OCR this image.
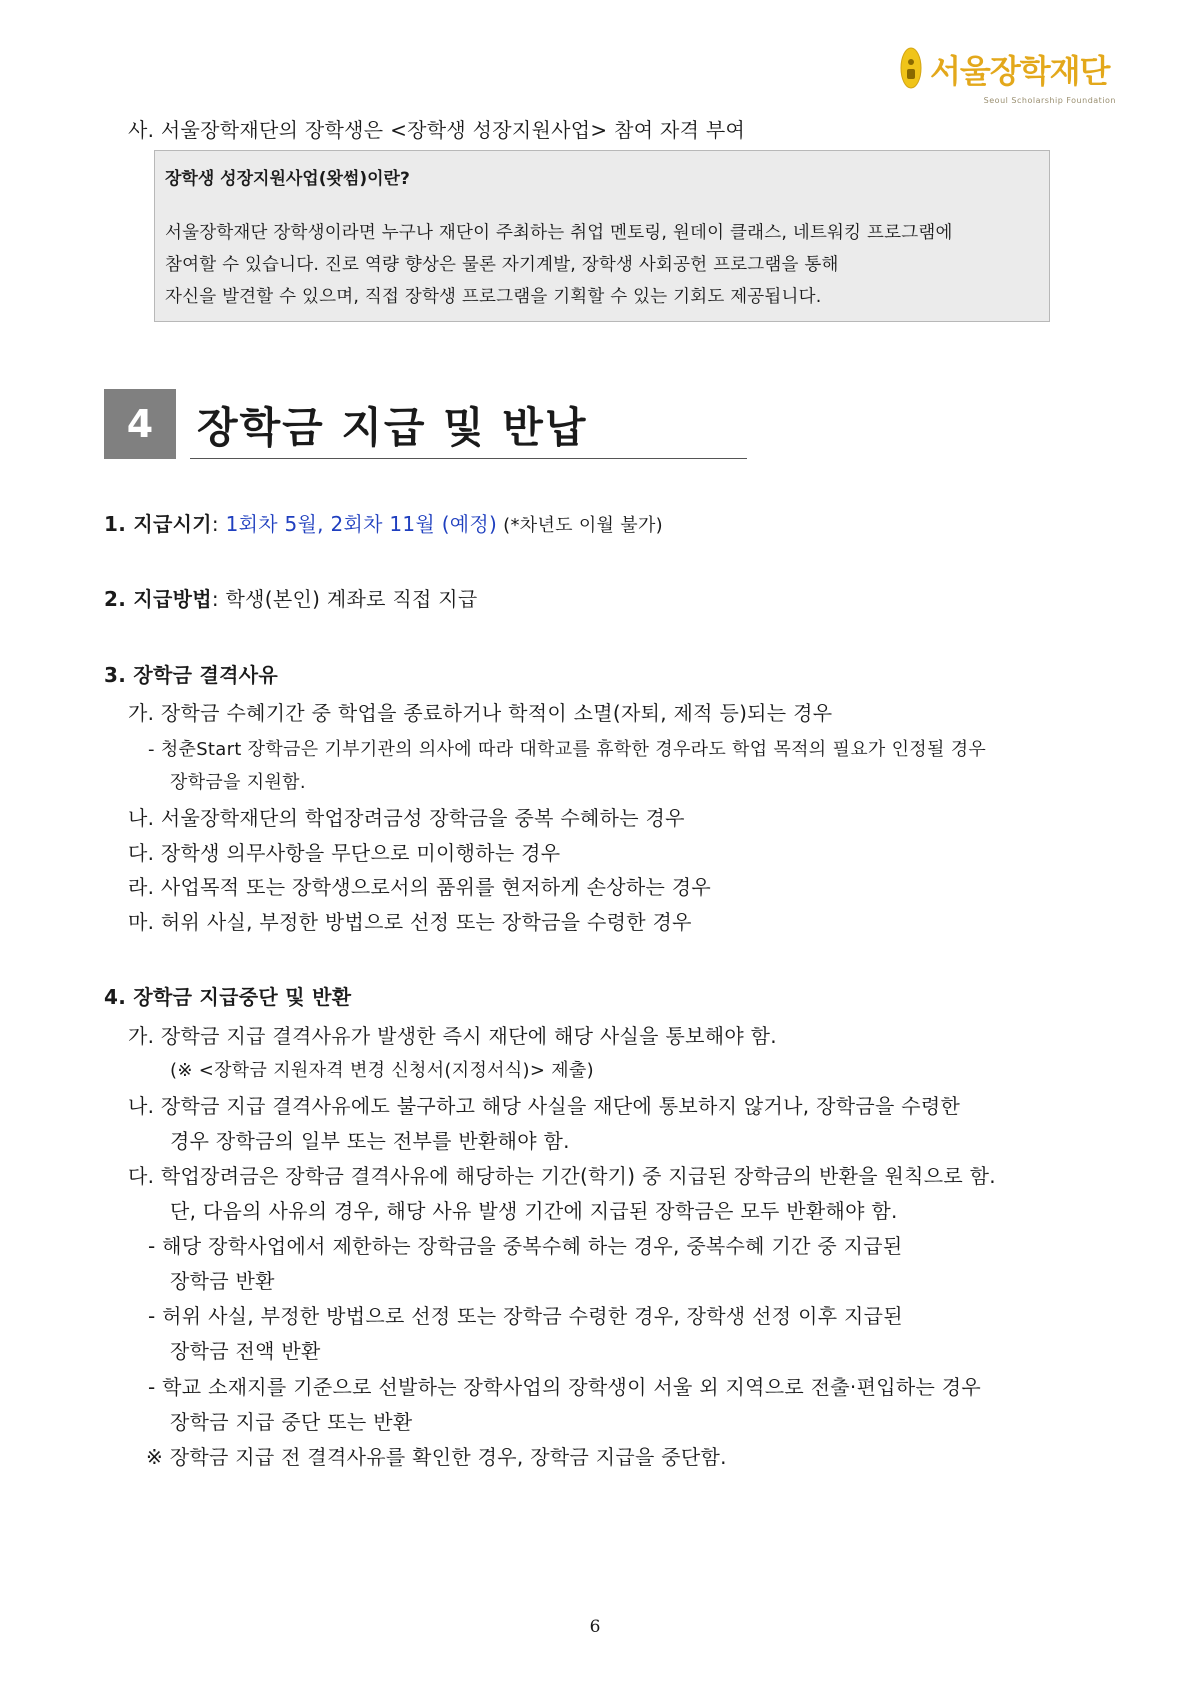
서울장학재단
Seoul Scholarship Foundation
사. 서울장학재단의 장학생은 <장학생 성장지원사업> 참여 자격 부여
장학생 성장지원사업(왓썸)이란?
서울장학재단 장학생이라면 누구나 재단이 주최하는 취업 멘토링, 원데이 클래스, 네트워킹 프로그램에
참여할 수 있습니다. 진로 역량 향상은 물론 자기계발, 장학생 사회공헌 프로그램을 통해
자신을 발견할 수 있으며, 직접 장학생 프로그램을 기획할 수 있는 기회도 제공됩니다.
4	장학금 지급 및 반납
1. 지급시기: 1회차 5월, 2회차 11월 (예정) (*차년도 이월 불가)
2. 지급방법: 학생(본인) 계좌로 직접 지급
3. 장학금 결격사유
가. 장학금 수혜기간 중 학업을 종료하거나 학적이 소멸(자퇴, 제적 등)되는 경우
- 청춘Start 장학금은 기부기관의 의사에 따라 대학교를 휴학한 경우라도 학업 목적의 필요가 인정될 경우
장학금을 지원함.
나. 서울장학재단의 학업장려금성 장학금을 중복 수혜하는 경우
다. 장학생 의무사항을 무단으로 미이행하는 경우
라. 사업목적 또는 장학생으로서의 품위를 현저하게 손상하는 경우
마. 허위 사실, 부정한 방법으로 선정 또는 장학금을 수령한 경우
4. 장학금 지급중단 및 반환
가. 장학금 지급 결격사유가 발생한 즉시 재단에 해당 사실을 통보해야 함.
(※ <장학금 지원자격 변경 신청서(지정서식)> 제출)
나. 장학금 지급 결격사유에도 불구하고 해당 사실을 재단에 통보하지 않거나, 장학금을 수령한
경우 장학금의 일부 또는 전부를 반환해야 함.
다. 학업장려금은 장학금 결격사유에 해당하는 기간(학기) 중 지급된 장학금의 반환을 원칙으로 함.
단, 다음의 사유의 경우, 해당 사유 발생 기간에 지급된 장학금은 모두 반환해야 함.
- 해당 장학사업에서 제한하는 장학금을 중복수혜 하는 경우, 중복수혜 기간 중 지급된
장학금 반환
- 허위 사실, 부정한 방법으로 선정 또는 장학금 수령한 경우, 장학생 선정 이후 지급된
장학금 전액 반환
- 학교 소재지를 기준으로 선발하는 장학사업의 장학생이 서울 외 지역으로 전출·편입하는 경우
장학금 지급 중단 또는 반환
※ 장학금 지급 전 결격사유를 확인한 경우, 장학금 지급을 중단함.
6
